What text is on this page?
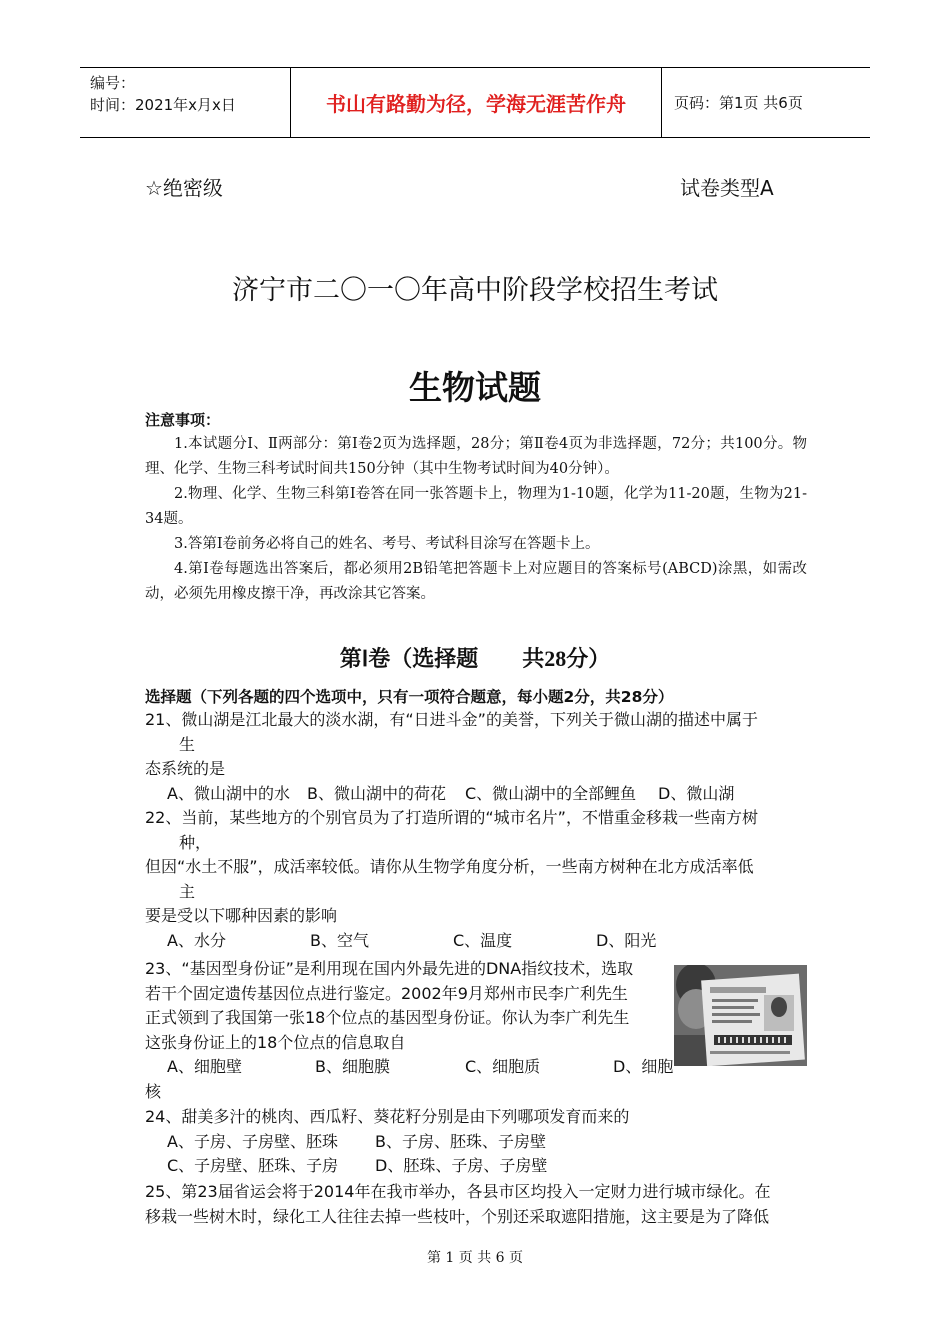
编号：
时间：2021年x月x日	书山有路勤为径，学海无涯苦作舟	页码：第1页 共6页
☆绝密级	试卷类型A
济宁市二〇一〇年高中阶段学校招生考试
生物试题
注意事项：

1.本试题分Ⅰ、Ⅱ两部分：第Ⅰ卷2页为选择题，28分；第Ⅱ卷4页为非选择题，72分；共100分。物理、化学、生物三科考试时间共150分钟（其中生物考试时间为40分钟）。

2.物理、化学、生物三科第Ⅰ卷答在同一张答题卡上，物理为1-10题，化学为11-20题，生物为21-34题。

3.答第Ⅰ卷前务必将自己的姓名、考号、考试科目涂写在答题卡上。

4.第Ⅰ卷每题选出答案后，都必须用2B铅笔把答题卡上对应题目的答案标号(ABCD)涂黑，如需改动，必须先用橡皮擦干净，再改涂其它答案。

第Ⅰ卷（选择题　　共28分）
选择题（下列各题的四个选项中，只有一项符合题意，每小题2分，共28分）
21、微山湖是江北最大的淡水湖，有“日进斗金”的美誉，下列关于微山湖的描述中属于
生
态系统的是
A、微山湖中的水 B、微山湖中的荷花 C、微山湖中的全部鲤鱼 D、微山湖
22、当前，某些地方的个别官员为了打造所谓的“城市名片”，不惜重金移栽一些南方树
种，
但因“水土不服”，成活率较低。请你从生物学角度分析，一些南方树种在北方成活率低
主
要是受以下哪种因素的影响
A、水分	B、空气	C、温度	D、阳光
23、“基因型身份证”是利用现在国内外最先进的DNA指纹技术，选取
若干个固定遗传基因位点进行鉴定。2002年9月郑州市民李广利先生
正式领到了我国第一张18个位点的基因型身份证。你认为李广利先生
这张身份证上的18个位点的信息取自
A、细胞壁	B、细胞膜	C、细胞质	D、细胞
核
24、甜美多汁的桃肉、西瓜籽、葵花籽分别是由下列哪项发育而来的
A、子房、子房壁、胚珠 B、子房、胚珠、子房壁
C、子房壁、胚珠、子房 D、胚珠、子房、子房壁
25、第23届省运会将于2014年在我市举办，各县市区均投入一定财力进行城市绿化。在
移栽一些树木时，绿化工人往往去掉一些枝叶，个别还采取遮阳措施，这主要是为了降低
第 1 页 共 6 页
